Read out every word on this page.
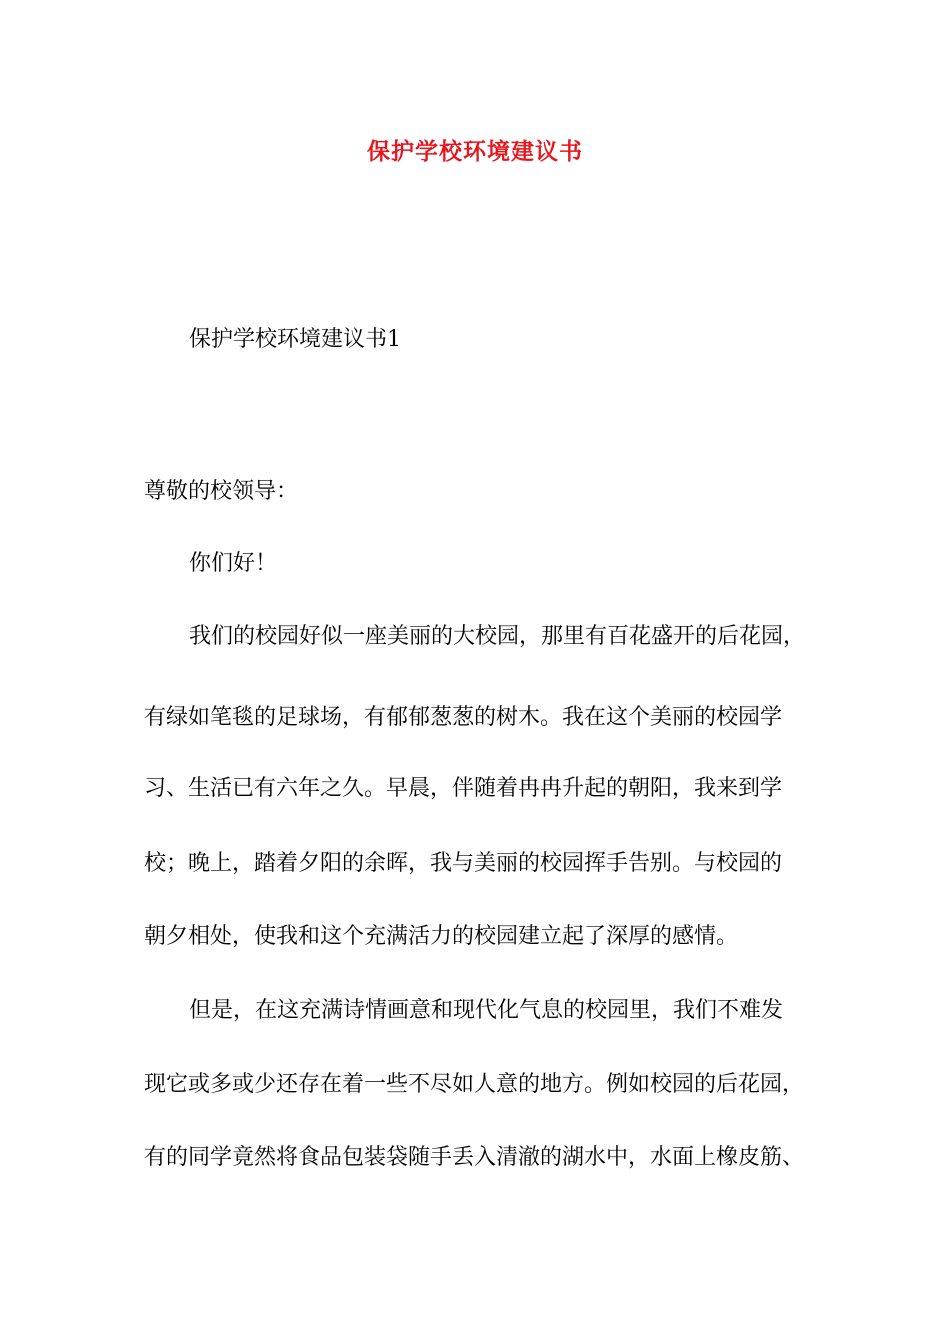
保护学校环境建议书
保护学校环境建议书1
尊敬的校领导：
你们好！
我们的校园好似一座美丽的大校园，那里有百花盛开的后花园，
有绿如笔毯的足球场，有郁郁葱葱的树木。我在这个美丽的校园学
习、生活已有六年之久。早晨，伴随着冉冉升起的朝阳，我来到学
校；晚上，踏着夕阳的余晖，我与美丽的校园挥手告别。与校园的
朝夕相处，使我和这个充满活力的校园建立起了深厚的感情。
但是，在这充满诗情画意和现代化气息的校园里，我们不难发
现它或多或少还存在着一些不尽如人意的地方。例如校园的后花园，
有的同学竟然将食品包装袋随手丢入清澈的湖水中，水面上橡皮筋、
